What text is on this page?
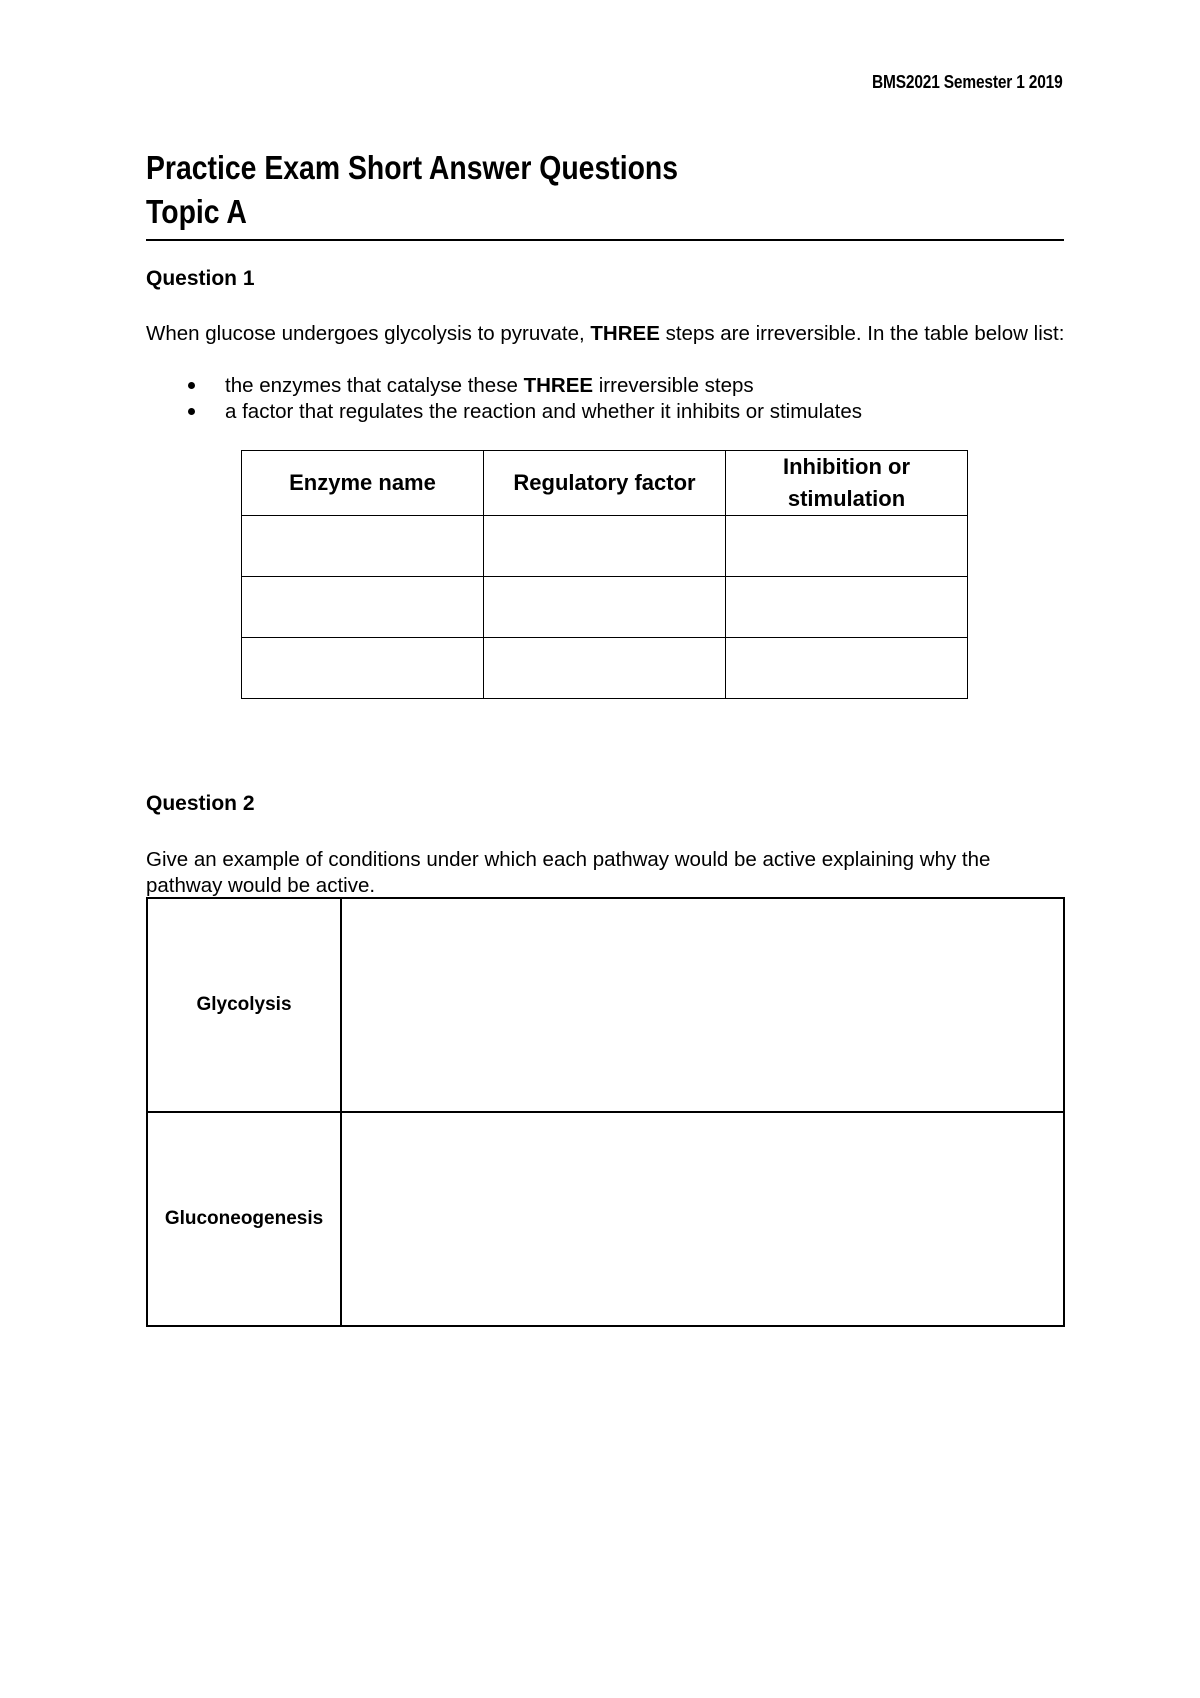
BMS2021 Semester 1 2019
Practice Exam Short Answer Questions
Topic A
Question 1
When glucose undergoes glycolysis to pyruvate, THREE steps are irreversible. In the table below list:
the enzymes that catalyse these THREE irreversible steps
a factor that regulates the reaction and whether it inhibits or stimulates
Enzyme name	Regulatory factor	Inhibition or stimulation

Question 2
Give an example of conditions under which each pathway would be active explaining why the pathway would be active.
Glycolysis	
Gluconeogenesis	
